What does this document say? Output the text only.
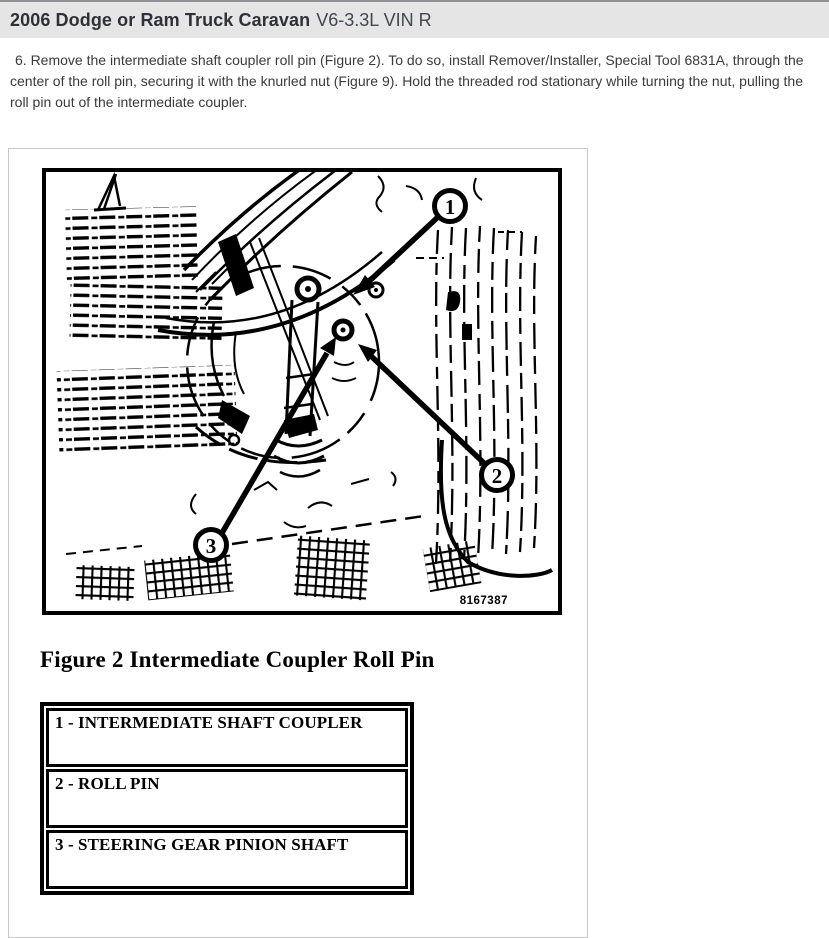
2006 Dodge or Ram Truck Caravan V6-3.3L VIN R

6. Remove the intermediate shaft coupler roll pin (Figure 2). To do so, install Remover/Installer, Special Tool 6831A, through the center of the roll pin, securing it with the knurled nut (Figure 9). Hold the threaded rod stationary while turning the nut, pulling the roll pin out of the intermediate coupler.

1
2
3
8167387
Figure 2 Intermediate Coupler Roll Pin
1 - INTERMEDIATE SHAFT COUPLER
2 - ROLL PIN
3 - STEERING GEAR PINION SHAFT
